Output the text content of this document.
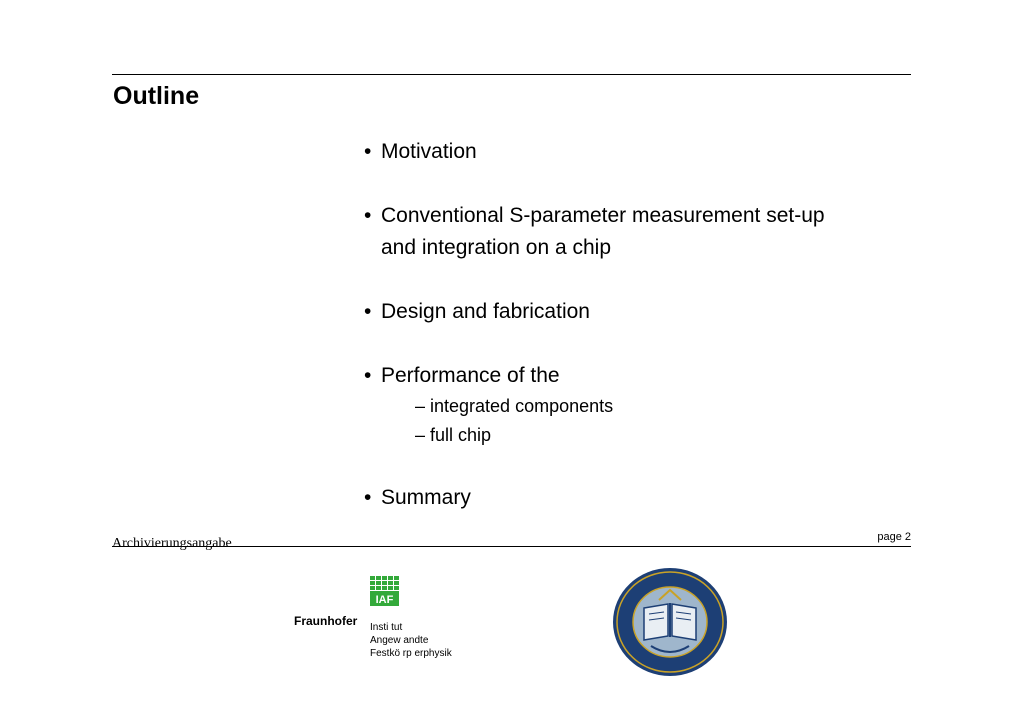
Outline
• Motivation
• Conventional S-parameter measurement set-up
and integration on a chip
• Design and fabrication
• Performance of the
– integrated components
– full chip
• Summary
Archivierungsangabe	page 2
IAF
Fraunhofer Insti tut
Angew andte
Festkö rp erphysik
